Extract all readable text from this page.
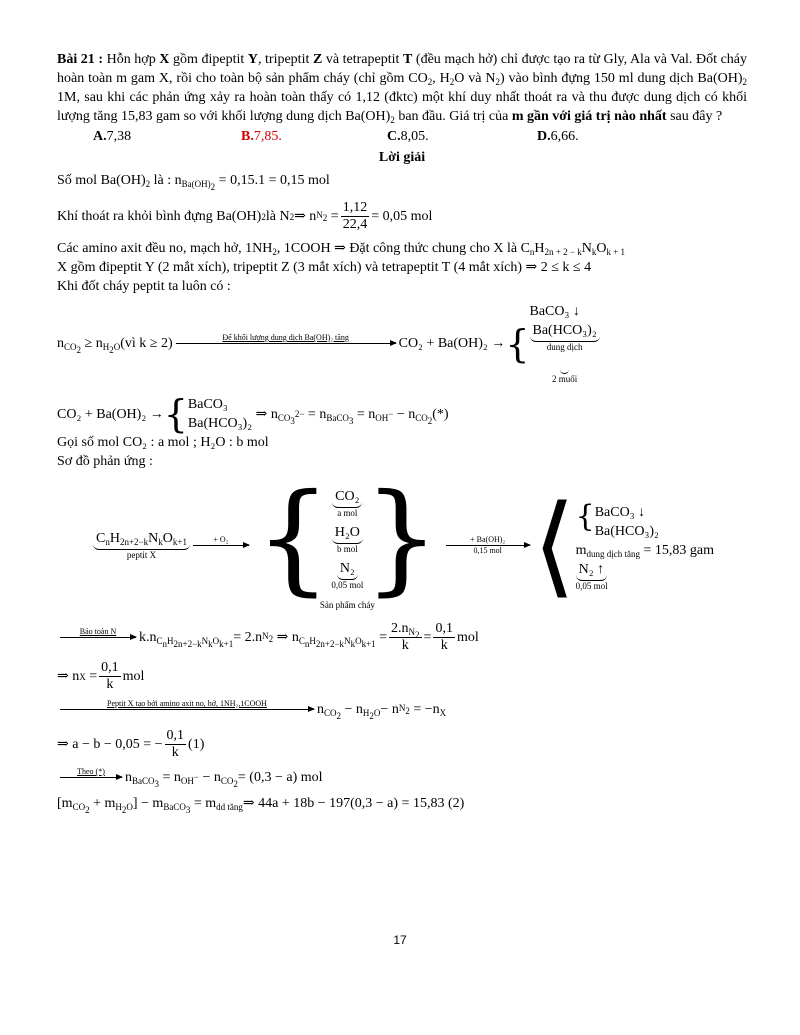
Bài 21 : Hỗn hợp X gồm đipeptit Y, tripeptit Z và tetrapeptit T (đều mạch hở) chỉ được tạo ra từ Gly, Ala và Val. Đốt cháy hoàn toàn m gam X, rồi cho toàn bộ sản phẩm cháy (chỉ gồm $CO_2$, $H_2O$ và $N_2$) vào bình đựng 150 ml dung dịch $Ba(OH)_2$ 1M, sau khi các phản ứng xảy ra hoàn toàn thấy có 1,12 (đktc) một khí duy nhất thoát ra và thu được dung dịch có khối lượng tăng 15,83 gam so với khối lượng dung dịch $Ba(OH)_2$ ban đầu. Giá trị của m gần với giá trị nào nhất sau đây ?

A.7,38	B.7,85.	C.8,05.	D.6,66.
Lời giải

Số mol $Ba(OH)_2$ là : $n_{Ba(OH)_2} = 0,15.1 = 0,15$ mol

Khí thoát ra khỏi bình đựng Ba(OH) 2 là N 2 ⇒ n $N_2 = \frac{1,12}{22,4} = 0,05$ mol

Các amino axit đều no, mạch hở, $1NH_2$, 1COOH ⇒ Đặt công thức chung cho X là $C_nH_{2n + 2 - k}N_kO_{k + 1}$

X gồm đipeptit Y (2 mắt xích), tripeptit Z (3 mắt xích) và tetrapeptit T (4 mắt xích) ⇒ 2 ≤ k ≤ 4

Khi đốt cháy peptit ta luôn có :

$n_{CO_2} \ge n_{H_2O}$ (vì k ≥ 2)	Để khối lượng dung dịch Ba(OH)₂ tăng
	CO₂ + Ba(OH)₂ → {
BaCO₃ ↓
Ba(HCO₃)₂
dung dịch

2 muối
CO₂ + Ba(OH)₂ → { BaCO₃
Ba(HCO₃)₂
⇒ $n_{CO_3^{2-}} = n_{BaCO_3} = n_{OH^-} - n_{CO_2}$ (*)

Gọi số mol CO₂ : a mol ; H₂O : b mol

Sơ đồ phản ứng :

$C_nH_{2n+2-k}N_kO_{k+1}$
peptit X
+ O₂
{ CO₂
a mol
H₂O
b mol
N₂
0,05 mol }
Sản phẩm cháy
+ Ba(OH)₂
0,15 mol ⟨ { BaCO₃ ↓
Ba(HCO₃)₂
$m_{dung dịch tăng} = 15,83$ gam
N₂ ↑
0,05 mol
Bảo toàn N
$k.n_{C_nH_{2n+2-k}N_kO_{k+1}} = 2.n$ $N_2$ ⇒ $n_{C_nH_{2n+2-k}N_kO_{k+1}} = \frac{2.n_{N_2}}{k} = \frac{0,1}{k}$ mol
⇒ n $X = \frac{0,1}{k}$ mol
Peptit X tạo bởi amino axit no, hở, 1NH₂,1COOH
	$n_{CO_2} - n_{H_2O} - n$ $N_2 = -n_X$
⇒ a − b − 0,05 = − $\frac{0,1}{k} (1)$
Theo (*)
$n_{BaCO_3} = n_{OH^-} - n_{CO_2} = (0,3 - a)$ mol
$[m_{CO_2} + m_{H_2O}] - m_{BaCO_3} = m_{dd tăng}$ ⇒ 44a + 18b − 197(0,3 − a) = 15,83 (2)
17
